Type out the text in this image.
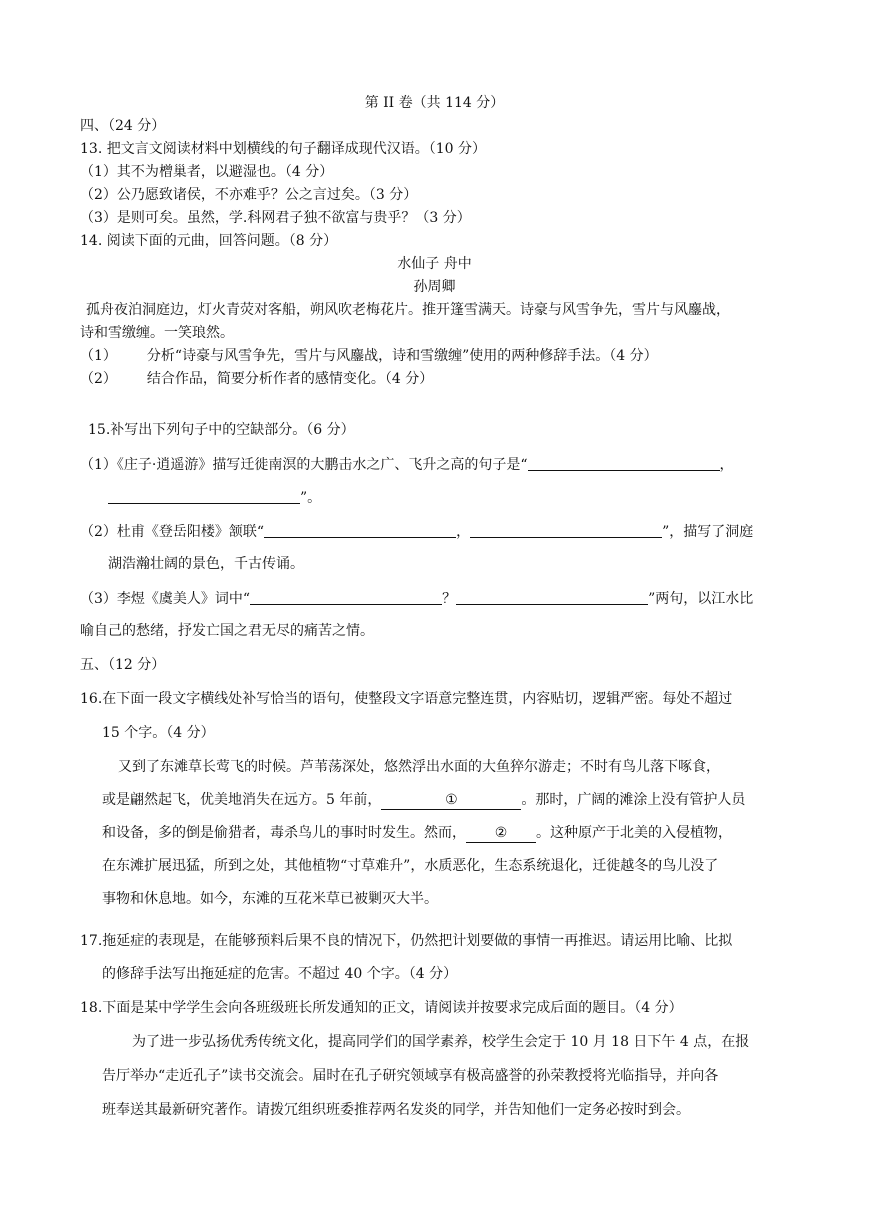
第 II 卷（共 114 分）
四、（24 分）
13. 把文言文阅读材料中划横线的句子翻译成现代汉语。（10 分）
（1）其不为橧巢者，以避湿也。（4 分）
（2）公乃愿致诸侯，不亦难乎？公之言过矣。（3 分）
（3）是则可矣。虽然，学.科网君子独不欲富与贵乎？（3 分）
14. 阅读下面的元曲，回答问题。（8 分）
水仙子 舟中
孙周卿
孤舟夜泊洞庭边，灯火青荧对客船，朔风吹老梅花片。推开篷雪满天。诗豪与风雪争先，雪片与风鏖战，
诗和雪缴缠。一笑琅然。
（1） 分析“诗豪与风雪争先，雪片与风鏖战，诗和雪缴缠”使用的两种修辞手法。（4 分）
（2） 结合作品，简要分析作者的感情变化。（4 分）
15.补写出下列句子中的空缺部分。（6 分）
（1）《庄子·逍遥游》描写迁徙南溟的大鹏击水之广、飞升之高的句子是“	，
”。
（2）杜甫《登岳阳楼》颔联“	，	”，描写了洞庭
湖浩瀚壮阔的景色，千古传诵。
（3）李煜《虞美人》词中“	？	”两句，以江水比
喻自己的愁绪，抒发亡国之君无尽的痛苦之情。
五、（12 分）
16.在下面一段文字横线处补写恰当的语句，使整段文字语意完整连贯，内容贴切，逻辑严密。每处不超过
15 个字。（4 分）
又到了东滩草长莺飞的时候。芦苇荡深处，悠然浮出水面的大鱼猝尔游走；不时有鸟儿落下啄食，
或是翩然起飞，优美地消失在远方。5 年前，	①	。那时，广阔的滩涂上没有管护人员
和设备，多的倒是偷猎者，毒杀鸟儿的事时时发生。然而， ② 。这种原产于北美的入侵植物，
在东滩扩展迅猛，所到之处，其他植物“寸草难升”，水质恶化，生态系统退化，迁徙越冬的鸟儿没了
事物和休息地。如今，东滩的互花米草已被剿灭大半。
17.拖延症的表现是，在能够预料后果不良的情况下，仍然把计划要做的事情一再推迟。请运用比喻、比拟
的修辞手法写出拖延症的危害。不超过 40 个字。（4 分）
18.下面是某中学学生会向各班级班长所发通知的正文，请阅读并按要求完成后面的题目。（4 分）
为了进一步弘扬优秀传统文化，提高同学们的国学素养，校学生会定于 10 月 18 日下午 4 点，在报
告厅举办“走近孔子”读书交流会。届时在孔子研究领域享有极高盛誉的孙荣教授将光临指导，并向各
班奉送其最新研究著作。请拨冗组织班委推荐两名发炎的同学，并告知他们一定务必按时到会。
